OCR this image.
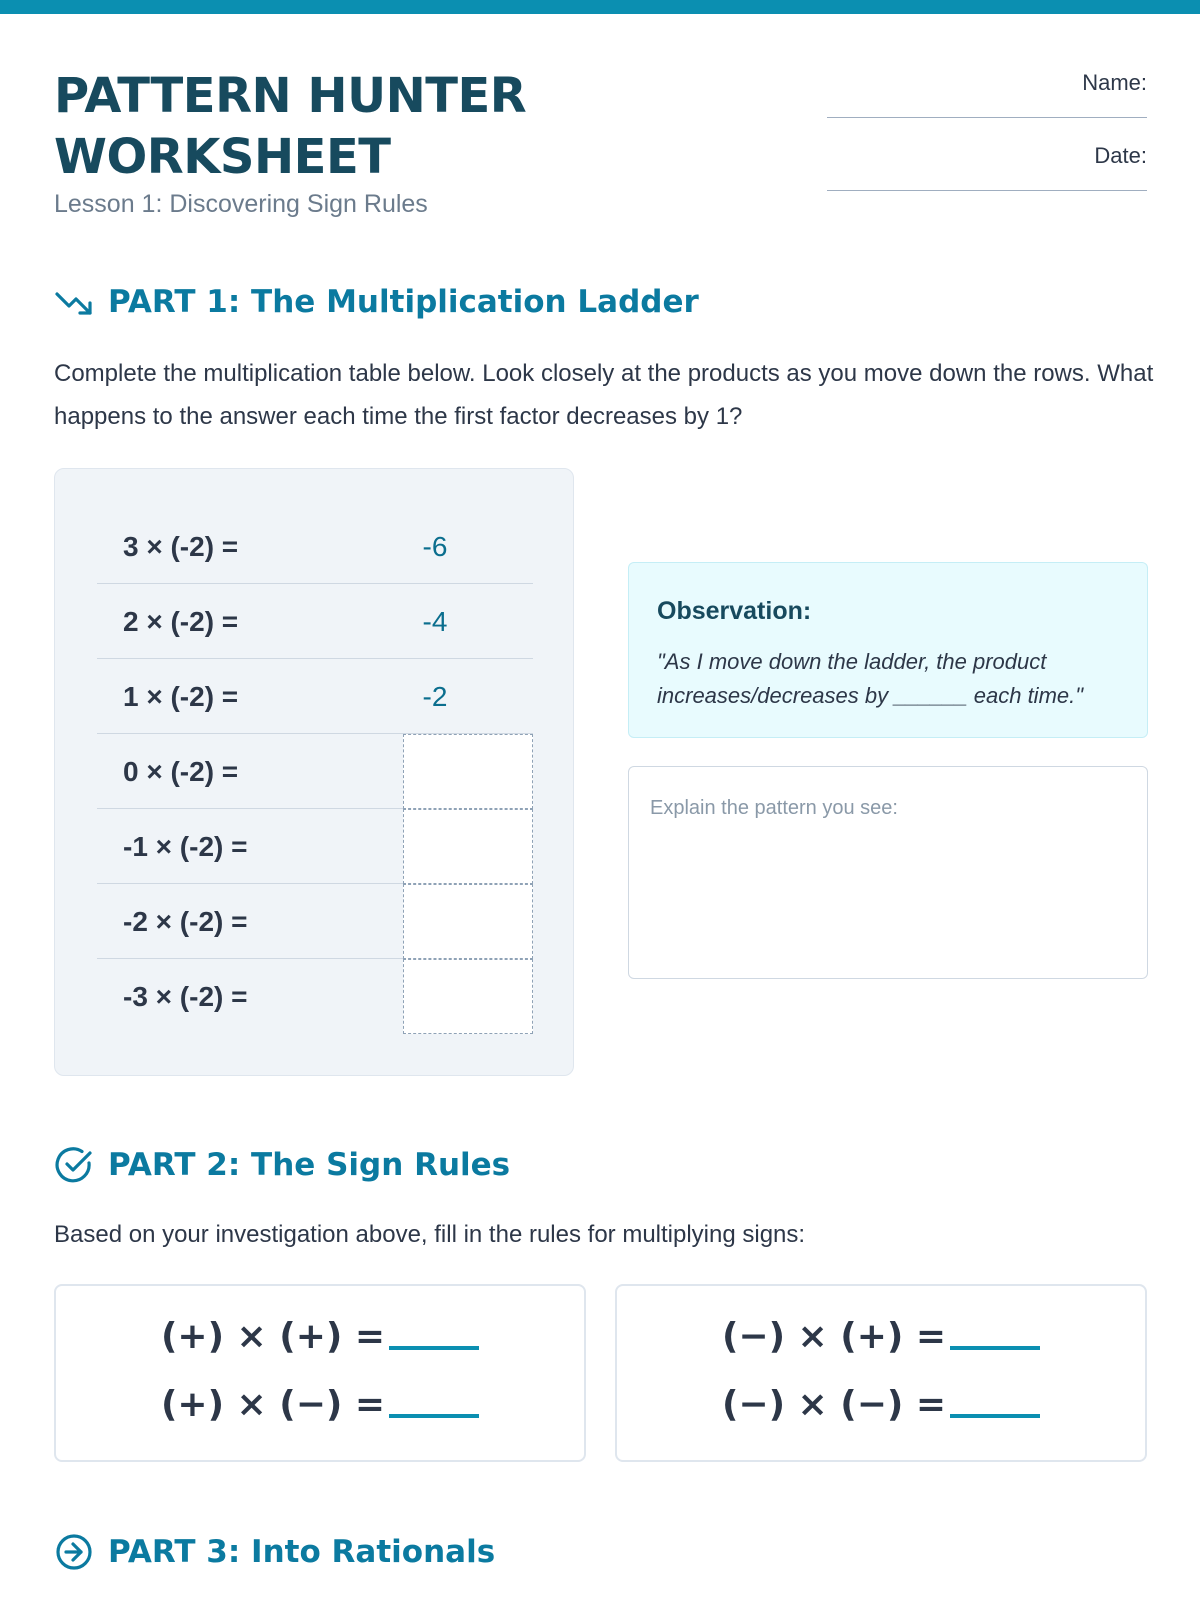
PATTERN HUNTER WORKSHEET
Lesson 1: Discovering Sign Rules
Name:
Date:
PART 1: The Multiplication Ladder
Complete the multiplication table below. Look closely at the products as you move down the rows. What happens to the answer each time the first factor decreases by 1?
3 × (-2) =	-6
2 × (-2) =	-4
1 × (-2) =	-2
0 × (-2) =
-1 × (-2) =
-2 × (-2) =
-3 × (-2) =
Observation:
"As I move down the ladder, the product increases/decreases by ______ each time."
Explain the pattern you see:
PART 2: The Sign Rules
Based on your investigation above, fill in the rules for multiplying signs:
(+) × (+) =
(+) × (−) =
(−) × (+) =
(−) × (−) =
PART 3: Into Rationals
